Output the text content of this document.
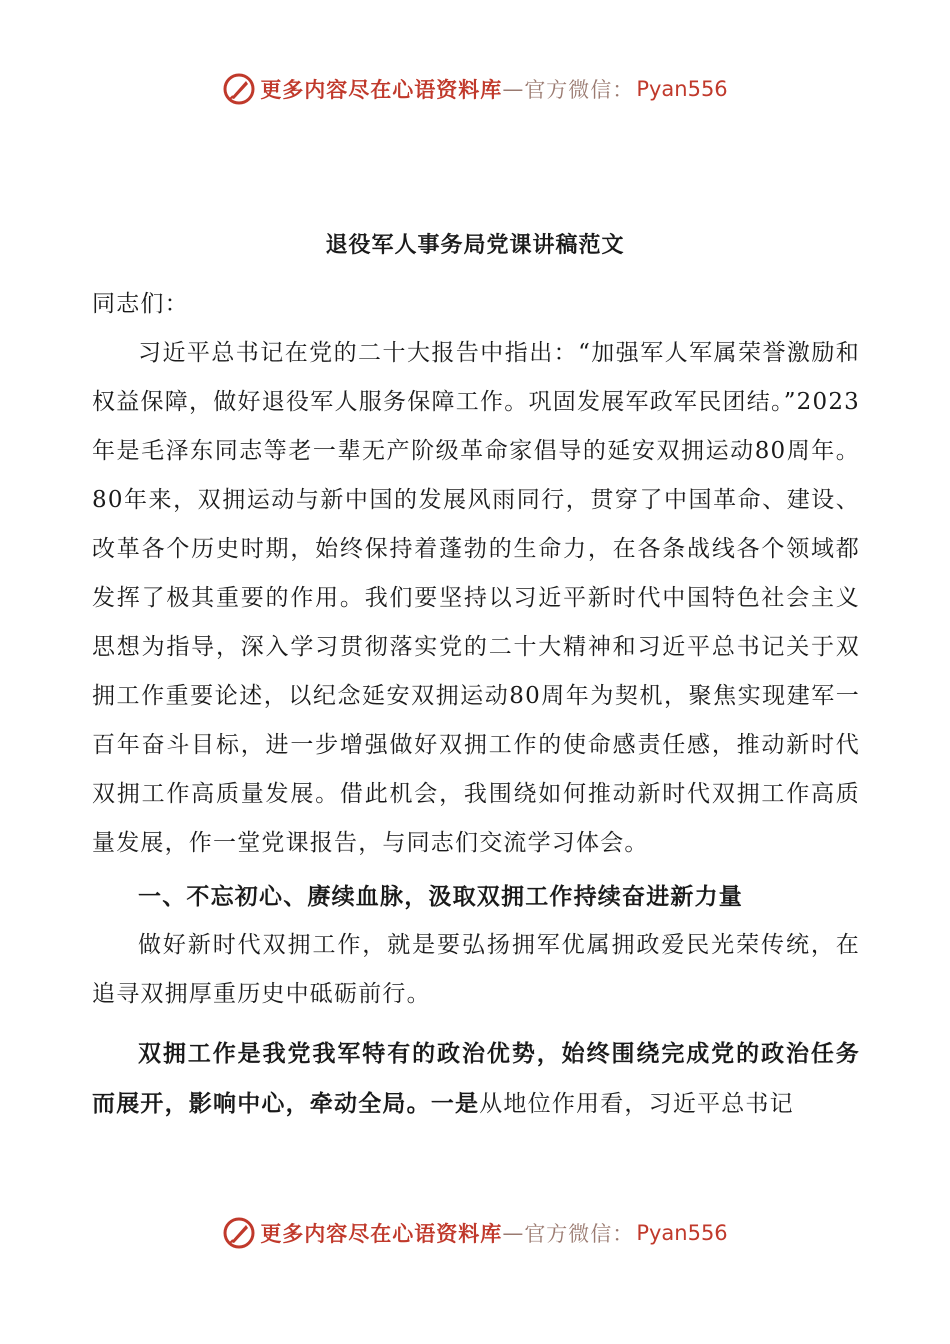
更多内容尽在心语资料库 — 官方微信： Pyan556
退役军人事务局党课讲稿范文

同志们：

习近平总书记在党的二十大报告中指出：“加强军人军属荣誉激励和权益保障，做好退役军人服务保障工作。巩固发展军政军民团结。”2023年是毛泽东同志等老一辈无产阶级革命家倡导的延安双拥运动80周年。80年来，双拥运动与新中国的发展风雨同行，贯穿了中国革命、建设、改革各个历史时期，始终保持着蓬勃的生命力，在各条战线各个领域都发挥了极其重要的作用。我们要坚持以习近平新时代中国特色社会主义思想为指导，深入学习贯彻落实党的二十大精神和习近平总书记关于双拥工作重要论述，以纪念延安双拥运动80周年为契机，聚焦实现建军一百年奋斗目标，进一步增强做好双拥工作的使命感责任感，推动新时代双拥工作高质量发展。借此机会，我围绕如何推动新时代双拥工作高质量发展，作一堂党课报告，与同志们交流学习体会。

一、不忘初心、赓续血脉，汲取双拥工作持续奋进新力量

做好新时代双拥工作，就是要弘扬拥军优属拥政爱民光荣传统，在追寻双拥厚重历史中砥砺前行。

双拥工作是我党我军特有的政治优势，始终围绕完成党的政治任务而展开，影响中心，牵动全局。一是从地位作用看，习近平总书记

更多内容尽在心语资料库 — 官方微信： Pyan556
